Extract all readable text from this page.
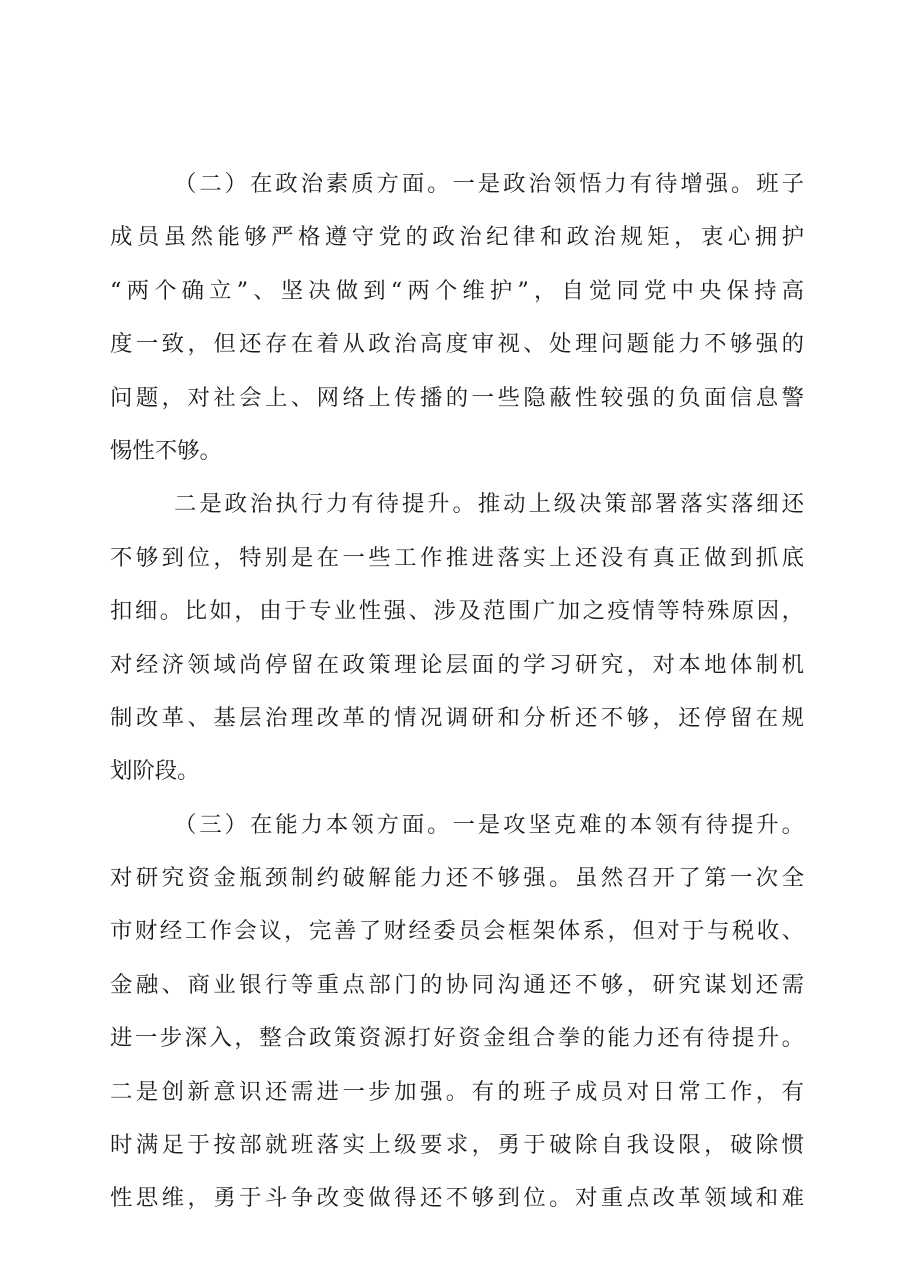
（二）在政治素质方面。一是政治领悟力有待增强。班子
成员虽然能够严格遵守党的政治纪律和政治规矩，衷心拥护
“两个确立”、坚决做到“两个维护”，自觉同党中央保持高
度一致，但还存在着从政治高度审视、处理问题能力不够强的
问题，对社会上、网络上传播的一些隐蔽性较强的负面信息警
惕性不够。
二是政治执行力有待提升。推动上级决策部署落实落细还
不够到位，特别是在一些工作推进落实上还没有真正做到抓底
扣细。比如，由于专业性强、涉及范围广加之疫情等特殊原因，
对经济领域尚停留在政策理论层面的学习研究，对本地体制机
制改革、基层治理改革的情况调研和分析还不够，还停留在规
划阶段。
（三）在能力本领方面。一是攻坚克难的本领有待提升。
对研究资金瓶颈制约破解能力还不够强。虽然召开了第一次全
市财经工作会议，完善了财经委员会框架体系，但对于与税收、
金融、商业银行等重点部门的协同沟通还不够，研究谋划还需
进一步深入，整合政策资源打好资金组合拳的能力还有待提升。
二是创新意识还需进一步加强。有的班子成员对日常工作，有
时满足于按部就班落实上级要求，勇于破除自我设限，破除惯
性思维，勇于斗争改变做得还不够到位。对重点改革领域和难
